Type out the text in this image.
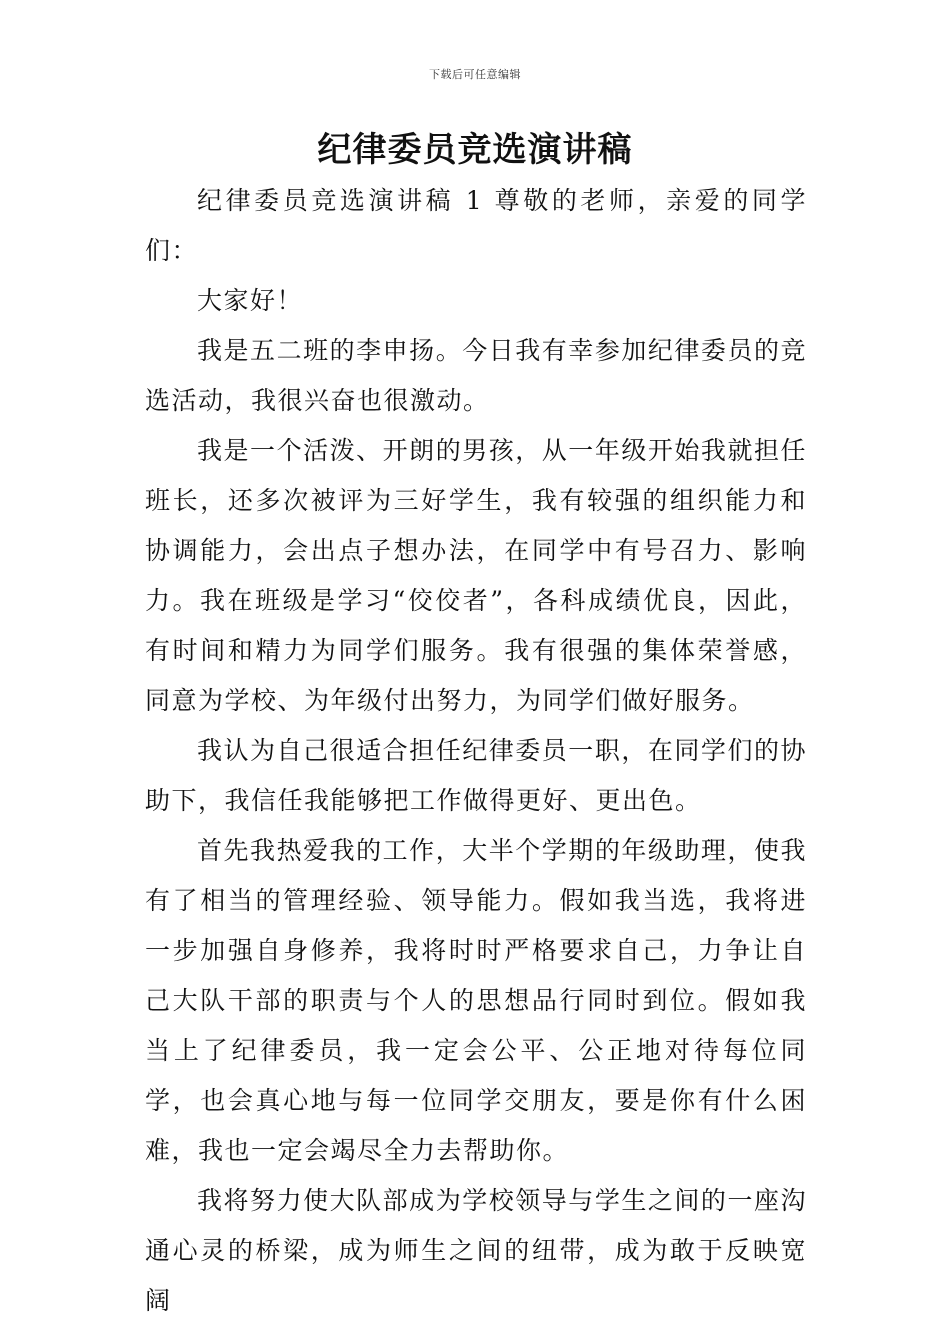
下载后可任意编辑
纪律委员竞选演讲稿

纪律委员竞选演讲稿 1 尊敬的老师，亲爱的同学们：

大家好！

我是五二班的李申扬。今日我有幸参加纪律委员的竞选活动，我很兴奋也很激动。

我是一个活泼、开朗的男孩，从一年级开始我就担任班长，还多次被评为三好学生，我有较强的组织能力和协调能力，会出点子想办法，在同学中有号召力、影响力。我在班级是学习“佼佼者”，各科成绩优良，因此，有时间和精力为同学们服务。我有很强的集体荣誉感，同意为学校、为年级付出努力，为同学们做好服务。

我认为自己很适合担任纪律委员一职，在同学们的协助下，我信任我能够把工作做得更好、更出色。

首先我热爱我的工作，大半个学期的年级助理，使我有了相当的管理经验、领导能力。假如我当选，我将进一步加强自身修养，我将时时严格要求自己，力争让自己大队干部的职责与个人的思想品行同时到位。假如我当上了纪律委员，我一定会公平、公正地对待每位同学，也会真心地与每一位同学交朋友，要是你有什么困难，我也一定会竭尽全力去帮助你。

我将努力使大队部成为学校领导与学生之间的一座沟通心灵的桥梁，成为师生之间的纽带，成为敢于反映宽阔
